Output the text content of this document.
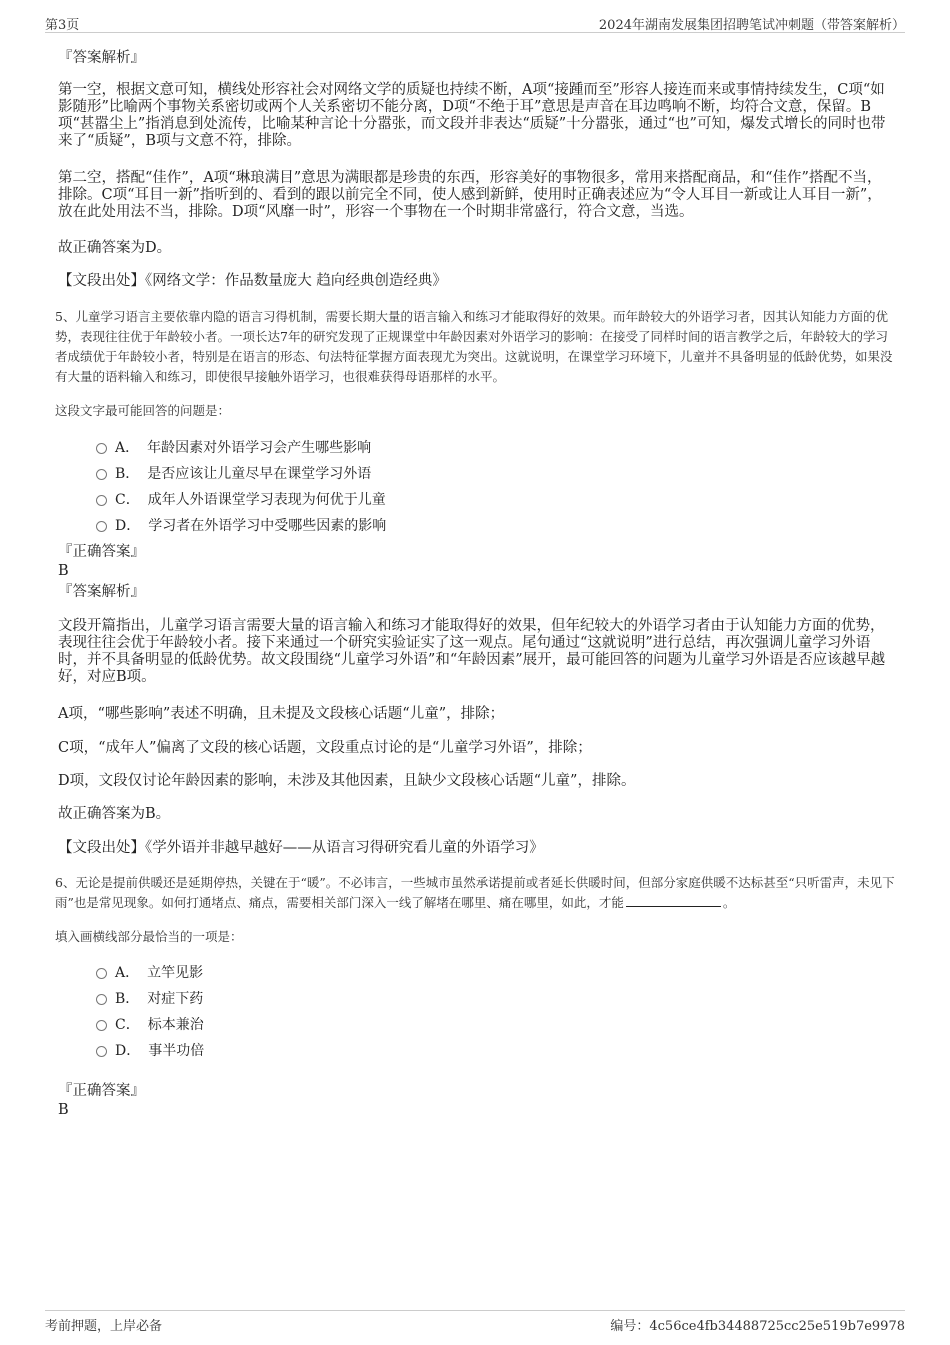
第3页	2024年湖南发展集团招聘笔试冲刺题（带答案解析）

『答案解析』

第一空，根据文意可知，横线处形容社会对网络文学的质疑也持续不断，A项“接踵而至”形容人接连而来或事情持续发生，C项“如影随形”比喻两个事物关系密切或两个人关系密切不能分离，D项“不绝于耳”意思是声音在耳边鸣响不断，均符合文意，保留。B项“甚嚣尘上”指消息到处流传，比喻某种言论十分嚣张，而文段并非表达“质疑”十分嚣张，通过“也”可知，爆发式增长的同时也带来了“质疑”，B项与文意不符，排除。

第二空，搭配“佳作”，A项“琳琅满目”意思为满眼都是珍贵的东西，形容美好的事物很多，常用来搭配商品，和“佳作”搭配不当，排除。C项“耳目一新”指听到的、看到的跟以前完全不同，使人感到新鲜，使用时正确表述应为“令人耳目一新或让人耳目一新”，放在此处用法不当，排除。D项“风靡一时”，形容一个事物在一个时期非常盛行，符合文意，当选。

故正确答案为D。

【文段出处】《网络文学：作品数量庞大 趋向经典创造经典》

5、儿童学习语言主要依靠内隐的语言习得机制，需要长期大量的语言输入和练习才能取得好的效果。而年龄较大的外语学习者，因其认知能力方面的优势，表现往往优于年龄较小者。一项长达7年的研究发现了正规课堂中年龄因素对外语学习的影响：在接受了同样时间的语言教学之后，年龄较大的学习者成绩优于年龄较小者，特别是在语言的形态、句法特征掌握方面表现尤为突出。这就说明，在课堂学习环境下，儿童并不具备明显的低龄优势，如果没有大量的语料输入和练习，即使很早接触外语学习，也很难获得母语那样的水平。

这段文字最可能回答的问题是：

A． 年龄因素对外语学习会产生哪些影响
B． 是否应该让儿童尽早在课堂学习外语
C． 成年人外语课堂学习表现为何优于儿童
D． 学习者在外语学习中受哪些因素的影响

『正确答案』

B

『答案解析』

文段开篇指出，儿童学习语言需要大量的语言输入和练习才能取得好的效果，但年纪较大的外语学习者由于认知能力方面的优势，表现往往会优于年龄较小者。接下来通过一个研究实验证实了这一观点。尾句通过“这就说明”进行总结，再次强调儿童学习外语时，并不具备明显的低龄优势。故文段围绕“儿童学习外语”和“年龄因素”展开，最可能回答的问题为儿童学习外语是否应该越早越好，对应B项。

A项，“哪些影响”表述不明确，且未提及文段核心话题“儿童”，排除；

C项，“成年人”偏离了文段的核心话题，文段重点讨论的是“儿童学习外语”，排除；

D项，文段仅讨论年龄因素的影响，未涉及其他因素，且缺少文段核心话题“儿童”，排除。

故正确答案为B。

【文段出处】《学外语并非越早越好——从语言习得研究看儿童的外语学习》

6、无论是提前供暖还是延期停热，关键在于“暖”。不必讳言，一些城市虽然承诺提前或者延长供暖时间，但部分家庭供暖不达标甚至“只听雷声，未见下雨”也是常见现象。如何打通堵点、痛点，需要相关部门深入一线了解堵在哪里、痛在哪里，如此，才能	。

填入画横线部分最恰当的一项是：

A． 立竿见影
B． 对症下药
C． 标本兼治
D． 事半功倍

『正确答案』

B

考前押题，上岸必备	编号：4c56ce4fb34488725cc25e519b7e9978
